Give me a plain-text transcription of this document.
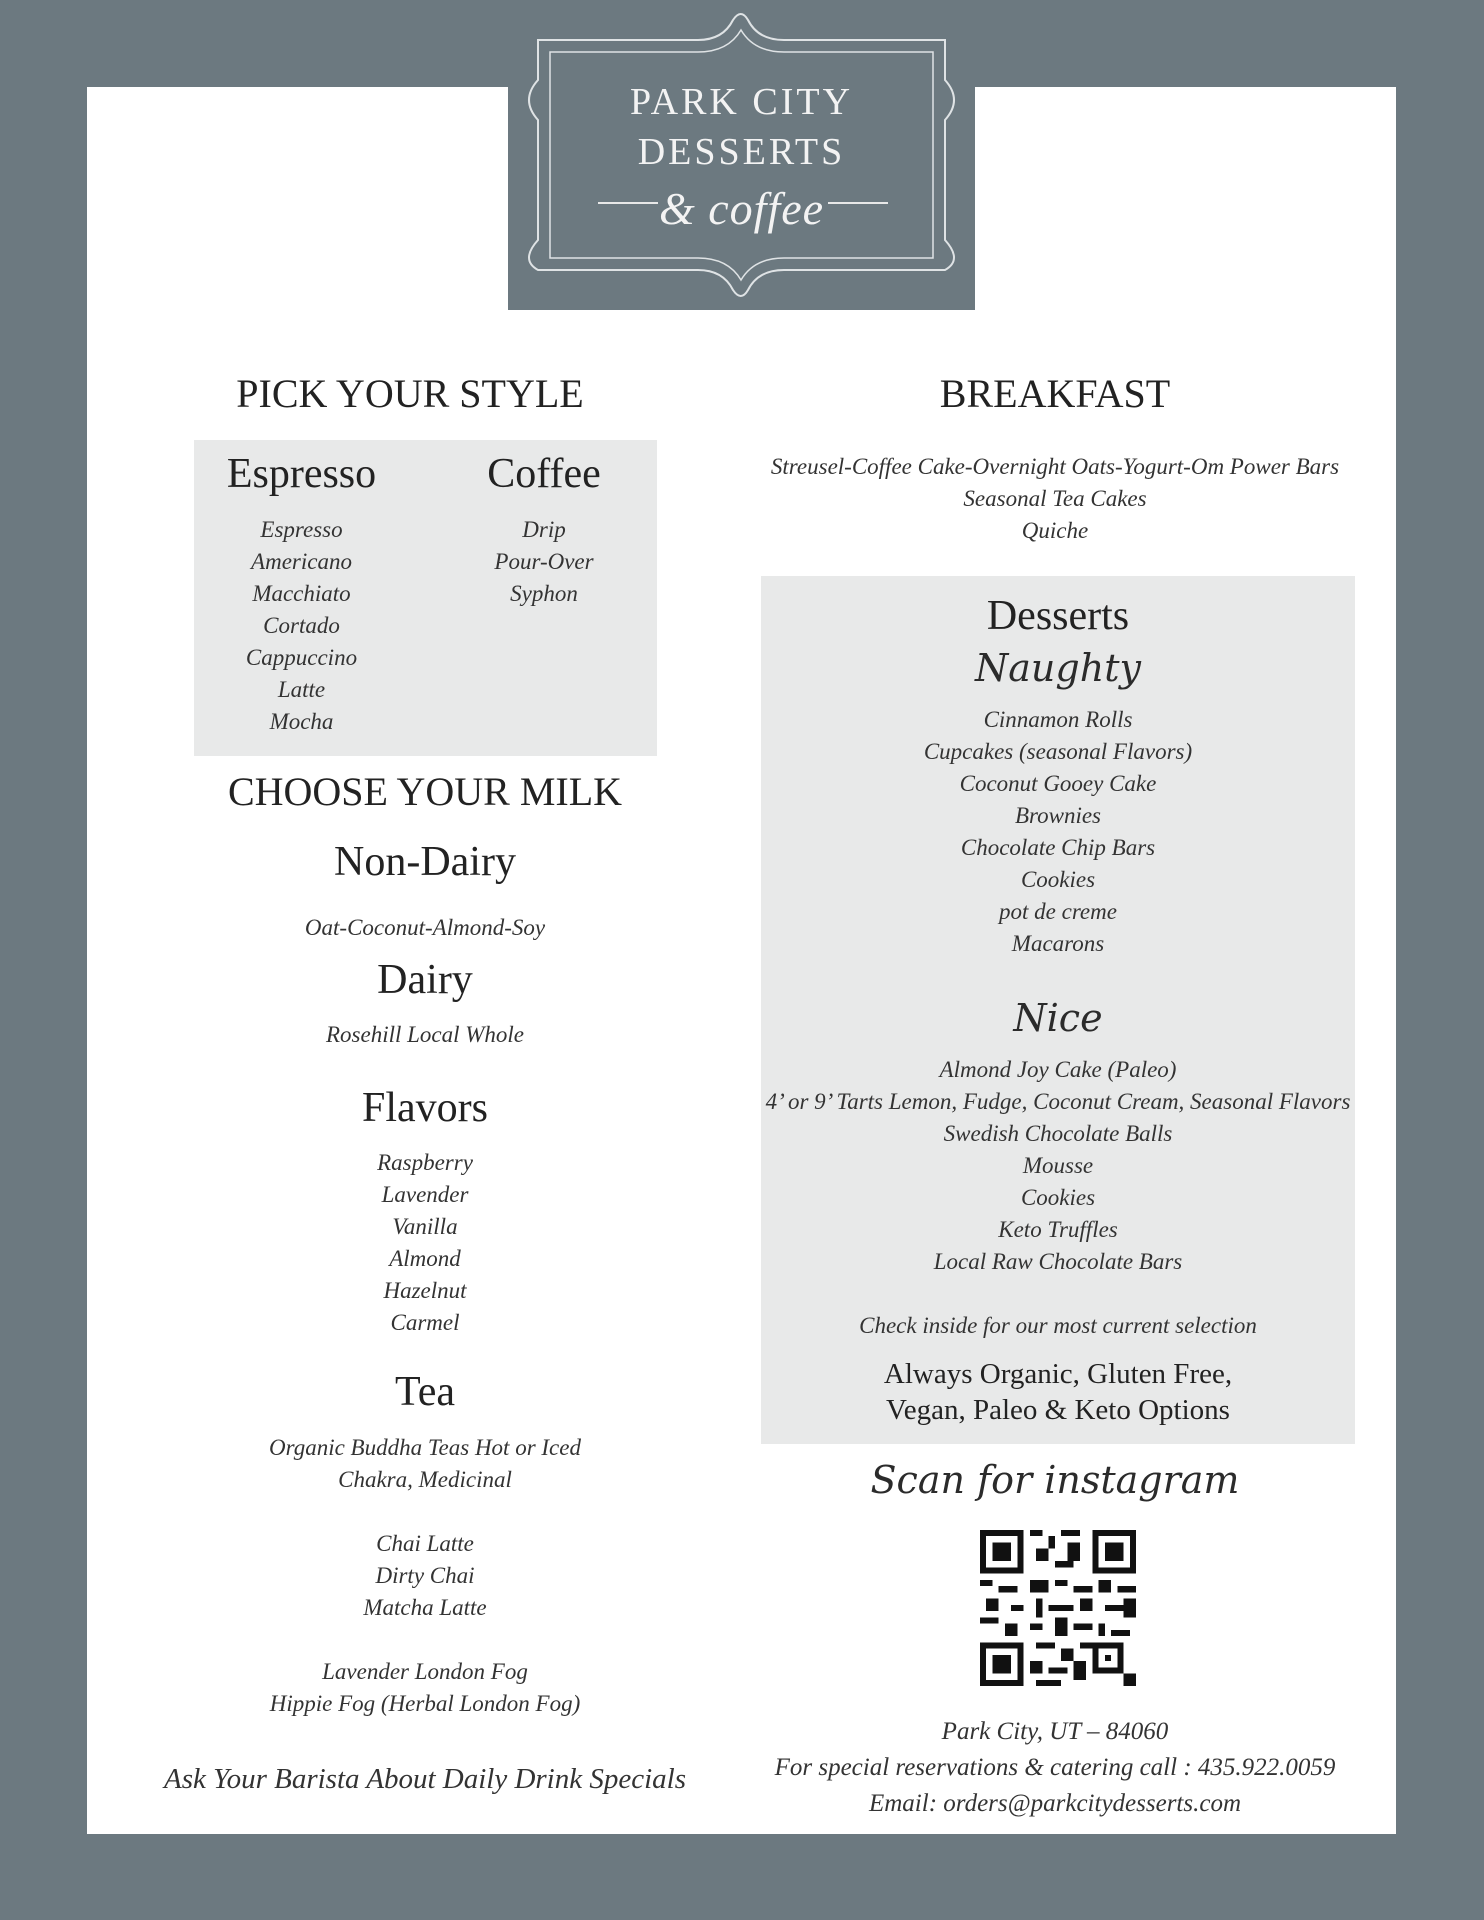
PARK CITY
DESSERTS
& coffee
PICK YOUR STYLE
Espresso
Espresso
Americano
Macchiato
Cortado
Cappuccino
Latte
Mocha
Coffee
Drip
Pour-Over
Syphon
CHOOSE YOUR MILK
Non-Dairy
Oat-Coconut-Almond-Soy
Dairy
Rosehill Local Whole
Flavors
Raspberry
Lavender
Vanilla
Almond
Hazelnut
Carmel
Tea
Organic Buddha Teas Hot or Iced
Chakra, Medicinal
Chai Latte
Dirty Chai
Matcha Latte
Lavender London Fog
Hippie Fog (Herbal London Fog)
Ask Your Barista About Daily Drink Specials
BREAKFAST
Streusel-Coffee Cake-Overnight Oats-Yogurt-Om Power Bars
Seasonal Tea Cakes
Quiche
Desserts
Naughty
Cinnamon Rolls
Cupcakes (seasonal Flavors)
Coconut Gooey Cake
Brownies
Chocolate Chip Bars
Cookies
pot de creme
Macarons
Nice
Almond Joy Cake (Paleo)
4’ or 9’ Tarts Lemon, Fudge, Coconut Cream, Seasonal Flavors
Swedish Chocolate Balls
Mousse
Cookies
Keto Truffles
Local Raw Chocolate Bars
Check inside for our most current selection
Always Organic, Gluten Free,
Vegan, Paleo & Keto Options
Scan for instagram
Park City, UT – 84060
For special reservations & catering call : 435.922.0059
Email: orders@parkcitydesserts.com
